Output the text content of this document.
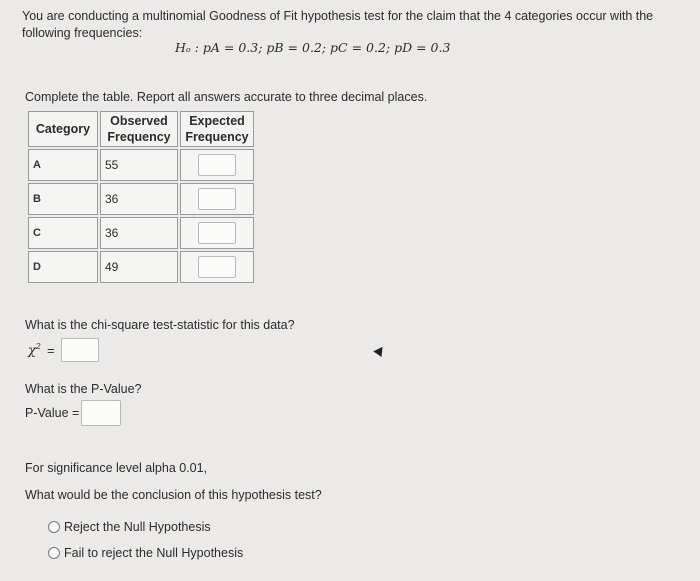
You are conducting a multinomial Goodness of Fit hypothesis test for the claim that the 4 categories occur with the following frequencies:
Hₒ : pA = 0.3; pB = 0.2; pC = 0.2; pD = 0.3
Complete the table. Report all answers accurate to three decimal places.
Category	Observed Frequency	Expected Frequency
A	55	
B	36	
C	36	
D	49	
What is the chi-square test-statistic for this data?
$\chi^2$ =
What is the P-Value?
P-Value =
For significance level alpha 0.01,
What would be the conclusion of this hypothesis test?
Reject the Null Hypothesis
Fail to reject the Null Hypothesis
